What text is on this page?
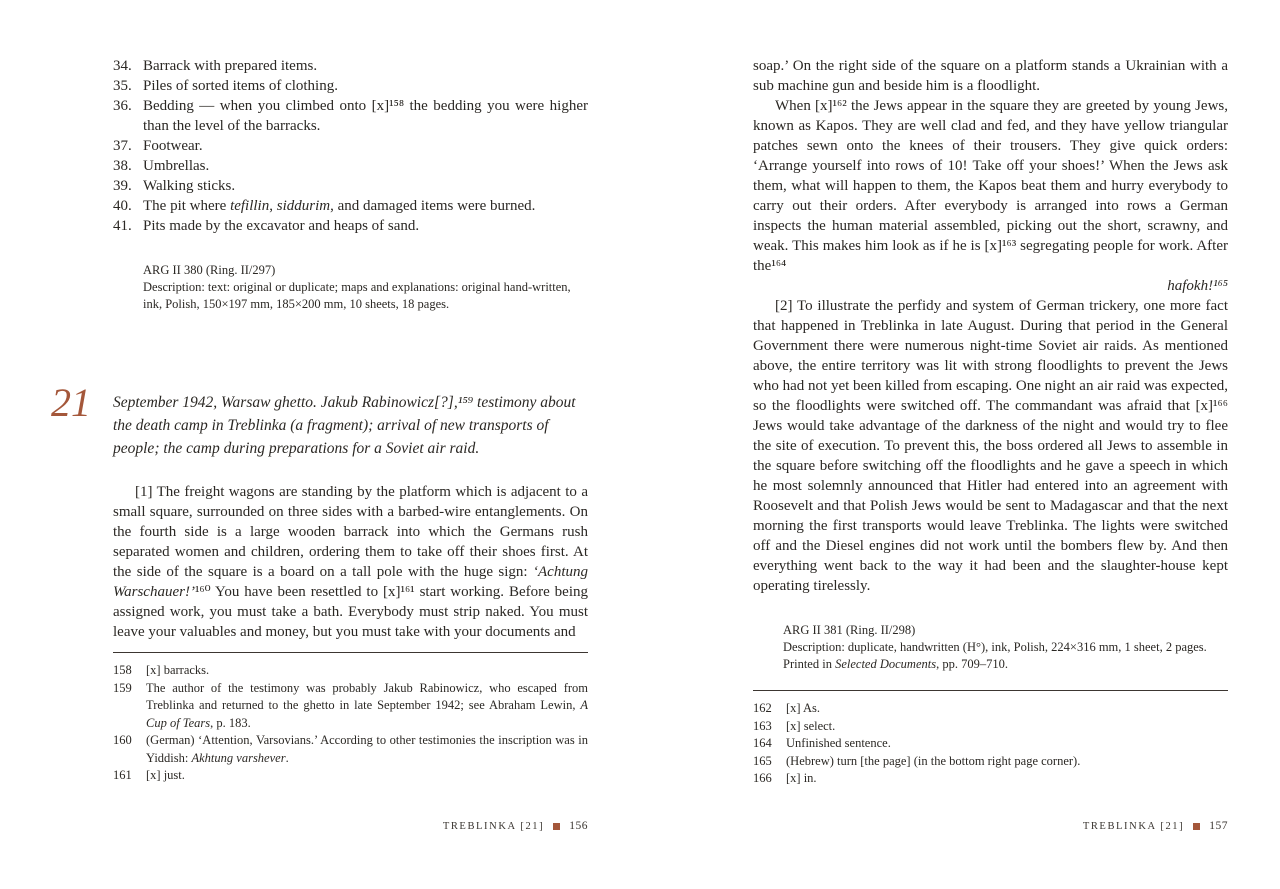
34. Barrack with prepared items.
35. Piles of sorted items of clothing.
36. Bedding — when you climbed onto [x]¹⁵⁸ the bedding you were higher than the level of the barracks.
37. Footwear.
38. Umbrellas.
39. Walking sticks.
40. The pit where tefillin, siddurim, and damaged items were burned.
41. Pits made by the excavator and heaps of sand.

ARG II 380 (Ring. II/297)

Description: text: original or duplicate; maps and explanations: original hand-written, ink, Polish, 150×197 mm, 185×200 mm, 10 sheets, 18 pages.

21 September 1942, Warsaw ghetto. Jakub Rabinowicz[?],¹⁵⁹ testimony about the death camp in Treblinka (a fragment); arrival of new transports of people; the camp during preparations for a Soviet air raid.

[1] The freight wagons are standing by the platform which is adjacent to a small square, surrounded on three sides with a barbed-wire entanglements. On the fourth side is a large wooden barrack into which the Germans rush separated women and children, ordering them to take off their shoes first. At the side of the square is a board on a tall pole with the huge sign: ‘Achtung Warschauer!’¹⁶⁰ You have been resettled to [x]¹⁶¹ start working. Before being assigned work, you must take a bath. Everybody must strip naked. You must leave your valuables and money, but you must take with your documents and

158	[x] barracks.
159	The author of the testimony was probably Jakub Rabinowicz, who escaped from Treblinka and returned to the ghetto in late September 1942; see Abraham Lewin, A Cup of Tears, p. 183.
160	(German) ‘Attention, Varsovians.’ According to other testimonies the inscription was in Yiddish: Akhtung varshever.
161	[x] just.
TREBLINKA [21] 156

soap.’ On the right side of the square on a platform stands a Ukrainian with a sub machine gun and beside him is a floodlight.

When [x]¹⁶² the Jews appear in the square they are greeted by young Jews, known as Kapos. They are well clad and fed, and they have yellow triangular patches sewn onto the knees of their trousers. They give quick orders: ‘Arrange yourself into rows of 10! Take off your shoes!’ When the Jews ask them, what will happen to them, the Kapos beat them and hurry everybody to carry out their orders. After everybody is arranged into rows a German inspects the human material assembled, picking out the short, scrawny, and weak. This makes him look as if he is [x]¹⁶³ segregating people for work. After the¹⁶⁴

hafokh!¹⁶⁵

[2] To illustrate the perfidy and system of German trickery, one more fact that happened in Treblinka in late August. During that period in the General Government there were numerous night-time Soviet air raids. As mentioned above, the entire territory was lit with strong floodlights to prevent the Jews who had not yet been killed from escaping. One night an air raid was expected, so the floodlights were switched off. The commandant was afraid that [x]¹⁶⁶ Jews would take advantage of the darkness of the night and would try to flee the site of execution. To prevent this, the boss ordered all Jews to assemble in the square before switching off the floodlights and he gave a speech in which he most solemnly announced that Hitler had entered into an agreement with Roosevelt and that Polish Jews would be sent to Madagascar and that the next morning the first transports would leave Treblinka. The lights were switched off and the Diesel engines did not work until the bombers flew by. And then everything went back to the way it had been and the slaughter-house kept operating tirelessly.

ARG II 381 (Ring. II/298)

Description: duplicate, handwritten (H°), ink, Polish, 224×316 mm, 1 sheet, 2 pages.

Printed in Selected Documents, pp. 709–710.

162	[x] As.
163	[x] select.
164	Unfinished sentence.
165	(Hebrew) turn [the page] (in the bottom right page corner).
166	[x] in.
TREBLINKA [21] 157
